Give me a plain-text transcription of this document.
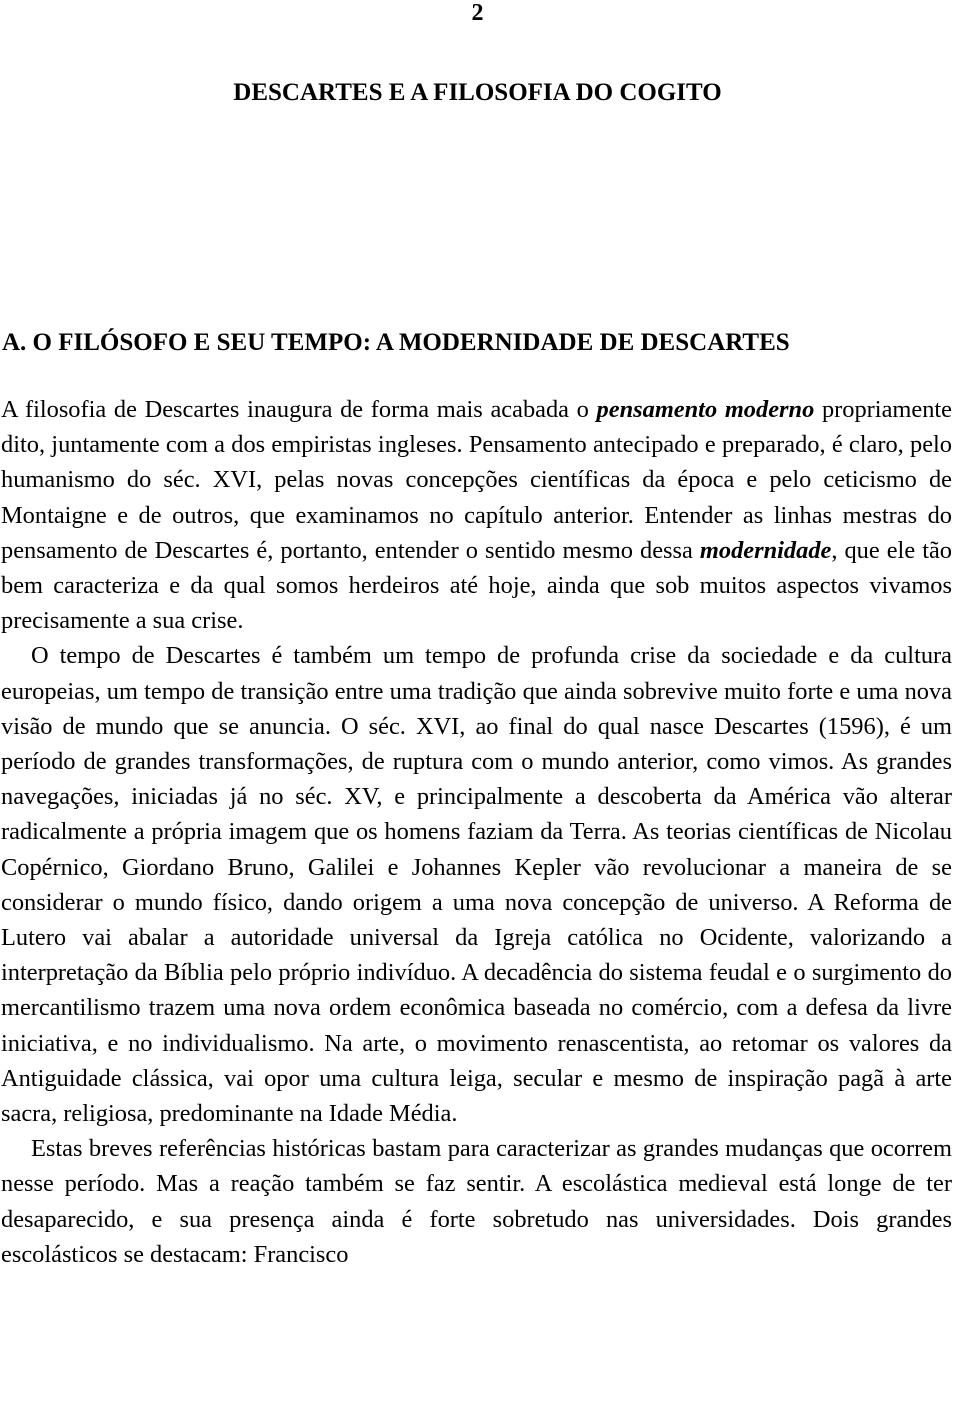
2
DESCARTES E A FILOSOFIA DO COGITO
A. O FILÓSOFO E SEU TEMPO: A MODERNIDADE DE DESCARTES

A filosofia de Descartes inaugura de forma mais acabada o pensamento moderno propriamente dito, juntamente com a dos empiristas ingleses. Pensamento antecipado e preparado, é claro, pelo humanismo do séc. XVI, pelas novas concepções científicas da época e pelo ceticismo de Montaigne e de outros, que examinamos no capítulo anterior. Entender as linhas mestras do pensamento de Descartes é, portanto, entender o sentido mesmo dessa modernidade, que ele tão bem caracteriza e da qual somos herdeiros até hoje, ainda que sob muitos aspectos vivamos precisamente a sua crise.

O tempo de Descartes é também um tempo de profunda crise da sociedade e da cultura europeias, um tempo de transição entre uma tradição que ainda sobrevive muito forte e uma nova visão de mundo que se anuncia. O séc. XVI, ao final do qual nasce Descartes (1596), é um período de grandes transformações, de ruptura com o mundo anterior, como vimos. As grandes navegações, iniciadas já no séc. XV, e principalmente a descoberta da América vão alterar radicalmente a própria imagem que os homens faziam da Terra. As teorias científicas de Nicolau Copérnico, Giordano Bruno, Galilei e Johannes Kepler vão revolucionar a maneira de se considerar o mundo físico, dando origem a uma nova concepção de universo. A Reforma de Lutero vai abalar a autoridade universal da Igreja católica no Ocidente, valorizando a interpretação da Bíblia pelo próprio indivíduo. A decadência do sistema feudal e o surgimento do mercantilismo trazem uma nova ordem econômica baseada no comércio, com a defesa da livre iniciativa, e no individualismo. Na arte, o movimento renascentista, ao retomar os valores da Antiguidade clássica, vai opor uma cultura leiga, secular e mesmo de inspiração pagã à arte sacra, religiosa, predominante na Idade Média.

Estas breves referências históricas bastam para caracterizar as grandes mudanças que ocorrem nesse período. Mas a reação também se faz sentir. A escolástica medieval está longe de ter desaparecido, e sua presença ainda é forte sobretudo nas universidades. Dois grandes escolásticos se destacam: Francisco
